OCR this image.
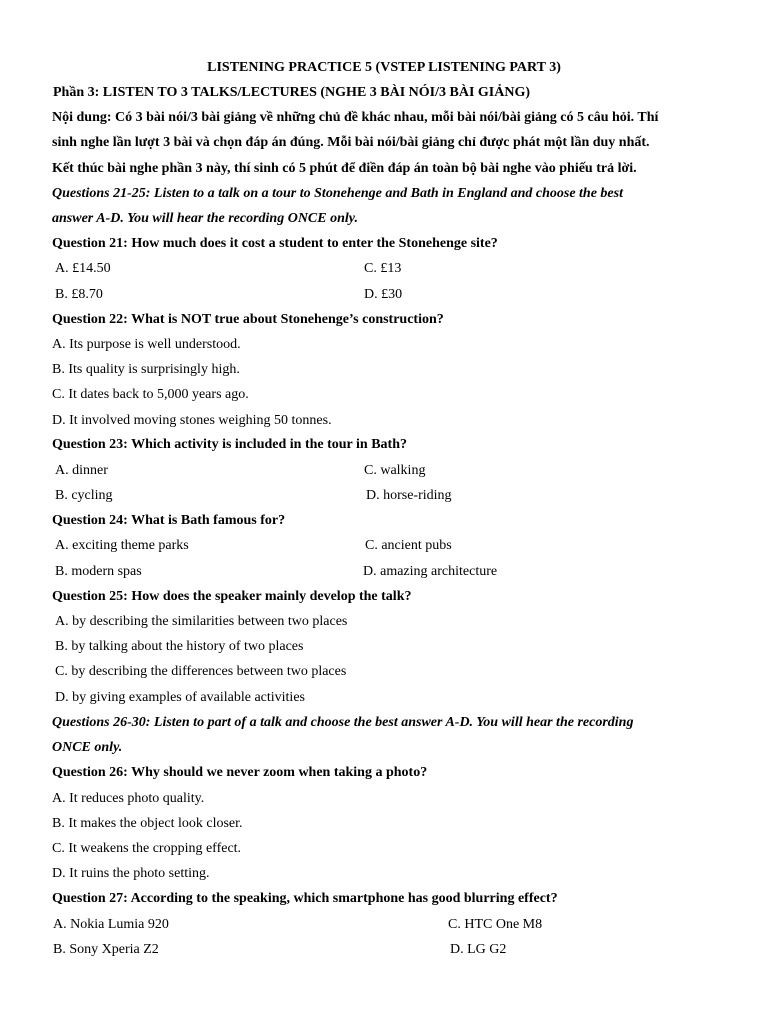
LISTENING PRACTICE 5 (VSTEP LISTENING PART 3)
Phần 3: LISTEN TO 3 TALKS/LECTURES (NGHE 3 BÀI NÓI/3 BÀI GIẢNG)
Nội dung: Có 3 bài nói/3 bài giảng về những chủ đề khác nhau, mỗi bài nói/bài giảng có 5 câu hỏi. Thí
sinh nghe lần lượt 3 bài và chọn đáp án đúng. Mỗi bài nói/bài giảng chỉ được phát một lần duy nhất.
Kết thúc bài nghe phần 3 này, thí sinh có 5 phút để điền đáp án toàn bộ bài nghe vào phiếu trả lời.
Questions 21-25: Listen to a talk on a tour to Stonehenge and Bath in England and choose the best
answer A-D. You will hear the recording ONCE only.
Question 21: How much does it cost a student to enter the Stonehenge site?
A. £14.50	C. £13
B. £8.70	D. £30
Question 22: What is NOT true about Stonehenge’s construction?
A. Its purpose is well understood.
B. Its quality is surprisingly high.
C. It dates back to 5,000 years ago.
D. It involved moving stones weighing 50 tonnes.
Question 23: Which activity is included in the tour in Bath?
A. dinner	C. walking
B. cycling	D. horse-riding
Question 24: What is Bath famous for?
A. exciting theme parks	C. ancient pubs
B. modern spas	D. amazing architecture
Question 25: How does the speaker mainly develop the talk?
A. by describing the similarities between two places
B. by talking about the history of two places
C. by describing the differences between two places
D. by giving examples of available activities
Questions 26-30: Listen to part of a talk and choose the best answer A-D. You will hear the recording
ONCE only.
Question 26: Why should we never zoom when taking a photo?
A. It reduces photo quality.
B. It makes the object look closer.
C. It weakens the cropping effect.
D. It ruins the photo setting.
Question 27: According to the speaking, which smartphone has good blurring effect?
A. Nokia Lumia 920	C. HTC One M8
B. Sony Xperia Z2	D. LG G2
